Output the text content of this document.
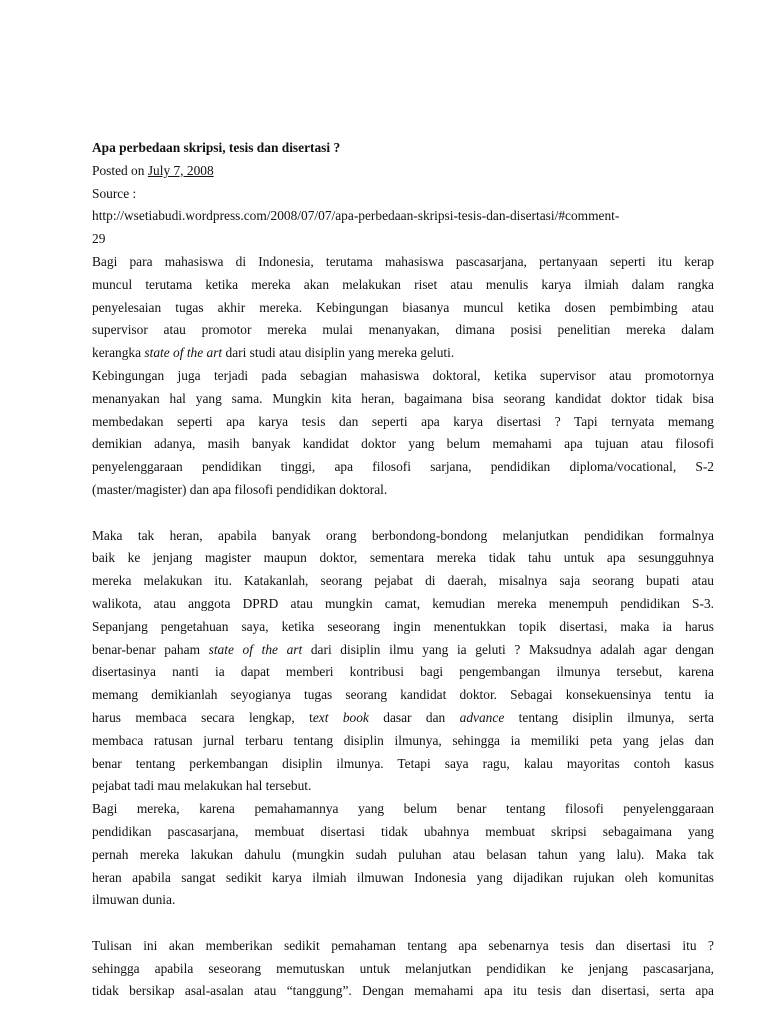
Apa perbedaan skripsi, tesis dan disertasi ?
Posted on July 7, 2008
Source :
http://wsetiabudi.wordpress.com/2008/07/07/apa-perbedaan-skripsi-tesis-dan-disertasi/#comment-
29
Bagi para mahasiswa di Indonesia, terutama mahasiswa pascasarjana, pertanyaan seperti itu kerap
muncul terutama ketika mereka akan melakukan riset atau menulis karya ilmiah dalam rangka
penyelesaian tugas akhir mereka. Kebingungan biasanya muncul ketika dosen pembimbing atau
supervisor atau promotor mereka mulai menanyakan, dimana posisi penelitian mereka dalam
kerangka state of the art dari studi atau disiplin yang mereka geluti.
Kebingungan juga terjadi pada sebagian mahasiswa doktoral, ketika supervisor atau promotornya
menanyakan hal yang sama. Mungkin kita heran, bagaimana bisa seorang kandidat doktor tidak bisa
membedakan seperti apa karya tesis dan seperti apa karya disertasi ? Tapi ternyata memang
demikian adanya, masih banyak kandidat doktor yang belum memahami apa tujuan atau filosofi
penyelenggaraan pendidikan tinggi, apa filosofi sarjana, pendidikan diploma/vocational, S-2
(master/magister) dan apa filosofi pendidikan doktoral.
Maka tak heran, apabila banyak orang berbondong-bondong melanjutkan pendidikan formalnya
baik ke jenjang magister maupun doktor, sementara mereka tidak tahu untuk apa sesungguhnya
mereka melakukan itu. Katakanlah, seorang pejabat di daerah, misalnya saja seorang bupati atau
walikota, atau anggota DPRD atau mungkin camat, kemudian mereka menempuh pendidikan S-3.
Sepanjang pengetahuan saya, ketika seseorang ingin menentukkan topik disertasi, maka ia harus
benar-benar paham state of the art dari disiplin ilmu yang ia geluti ? Maksudnya adalah agar dengan
disertasinya nanti ia dapat memberi kontribusi bagi pengembangan ilmunya tersebut, karena
memang demikianlah seyogianya tugas seorang kandidat doktor. Sebagai konsekuensinya tentu ia
harus membaca secara lengkap, text book dasar dan advance tentang disiplin ilmunya, serta
membaca ratusan jurnal terbaru tentang disiplin ilmunya, sehingga ia memiliki peta yang jelas dan
benar tentang perkembangan disiplin ilmunya. Tetapi saya ragu, kalau mayoritas contoh kasus
pejabat tadi mau melakukan hal tersebut.
Bagi mereka, karena pemahamannya yang belum benar tentang filosofi penyelenggaraan
pendidikan pascasarjana, membuat disertasi tidak ubahnya membuat skripsi sebagaimana yang
pernah mereka lakukan dahulu (mungkin sudah puluhan atau belasan tahun yang lalu). Maka tak
heran apabila sangat sedikit karya ilmiah ilmuwan Indonesia yang dijadikan rujukan oleh komunitas
ilmuwan dunia.
Tulisan ini akan memberikan sedikit pemahaman tentang apa sebenarnya tesis dan disertasi itu ?
sehingga apabila seseorang memutuskan untuk melanjutkan pendidikan ke jenjang pascasarjana,
tidak bersikap asal-asalan atau “tanggung”. Dengan memahami apa itu tesis dan disertasi, serta apa
